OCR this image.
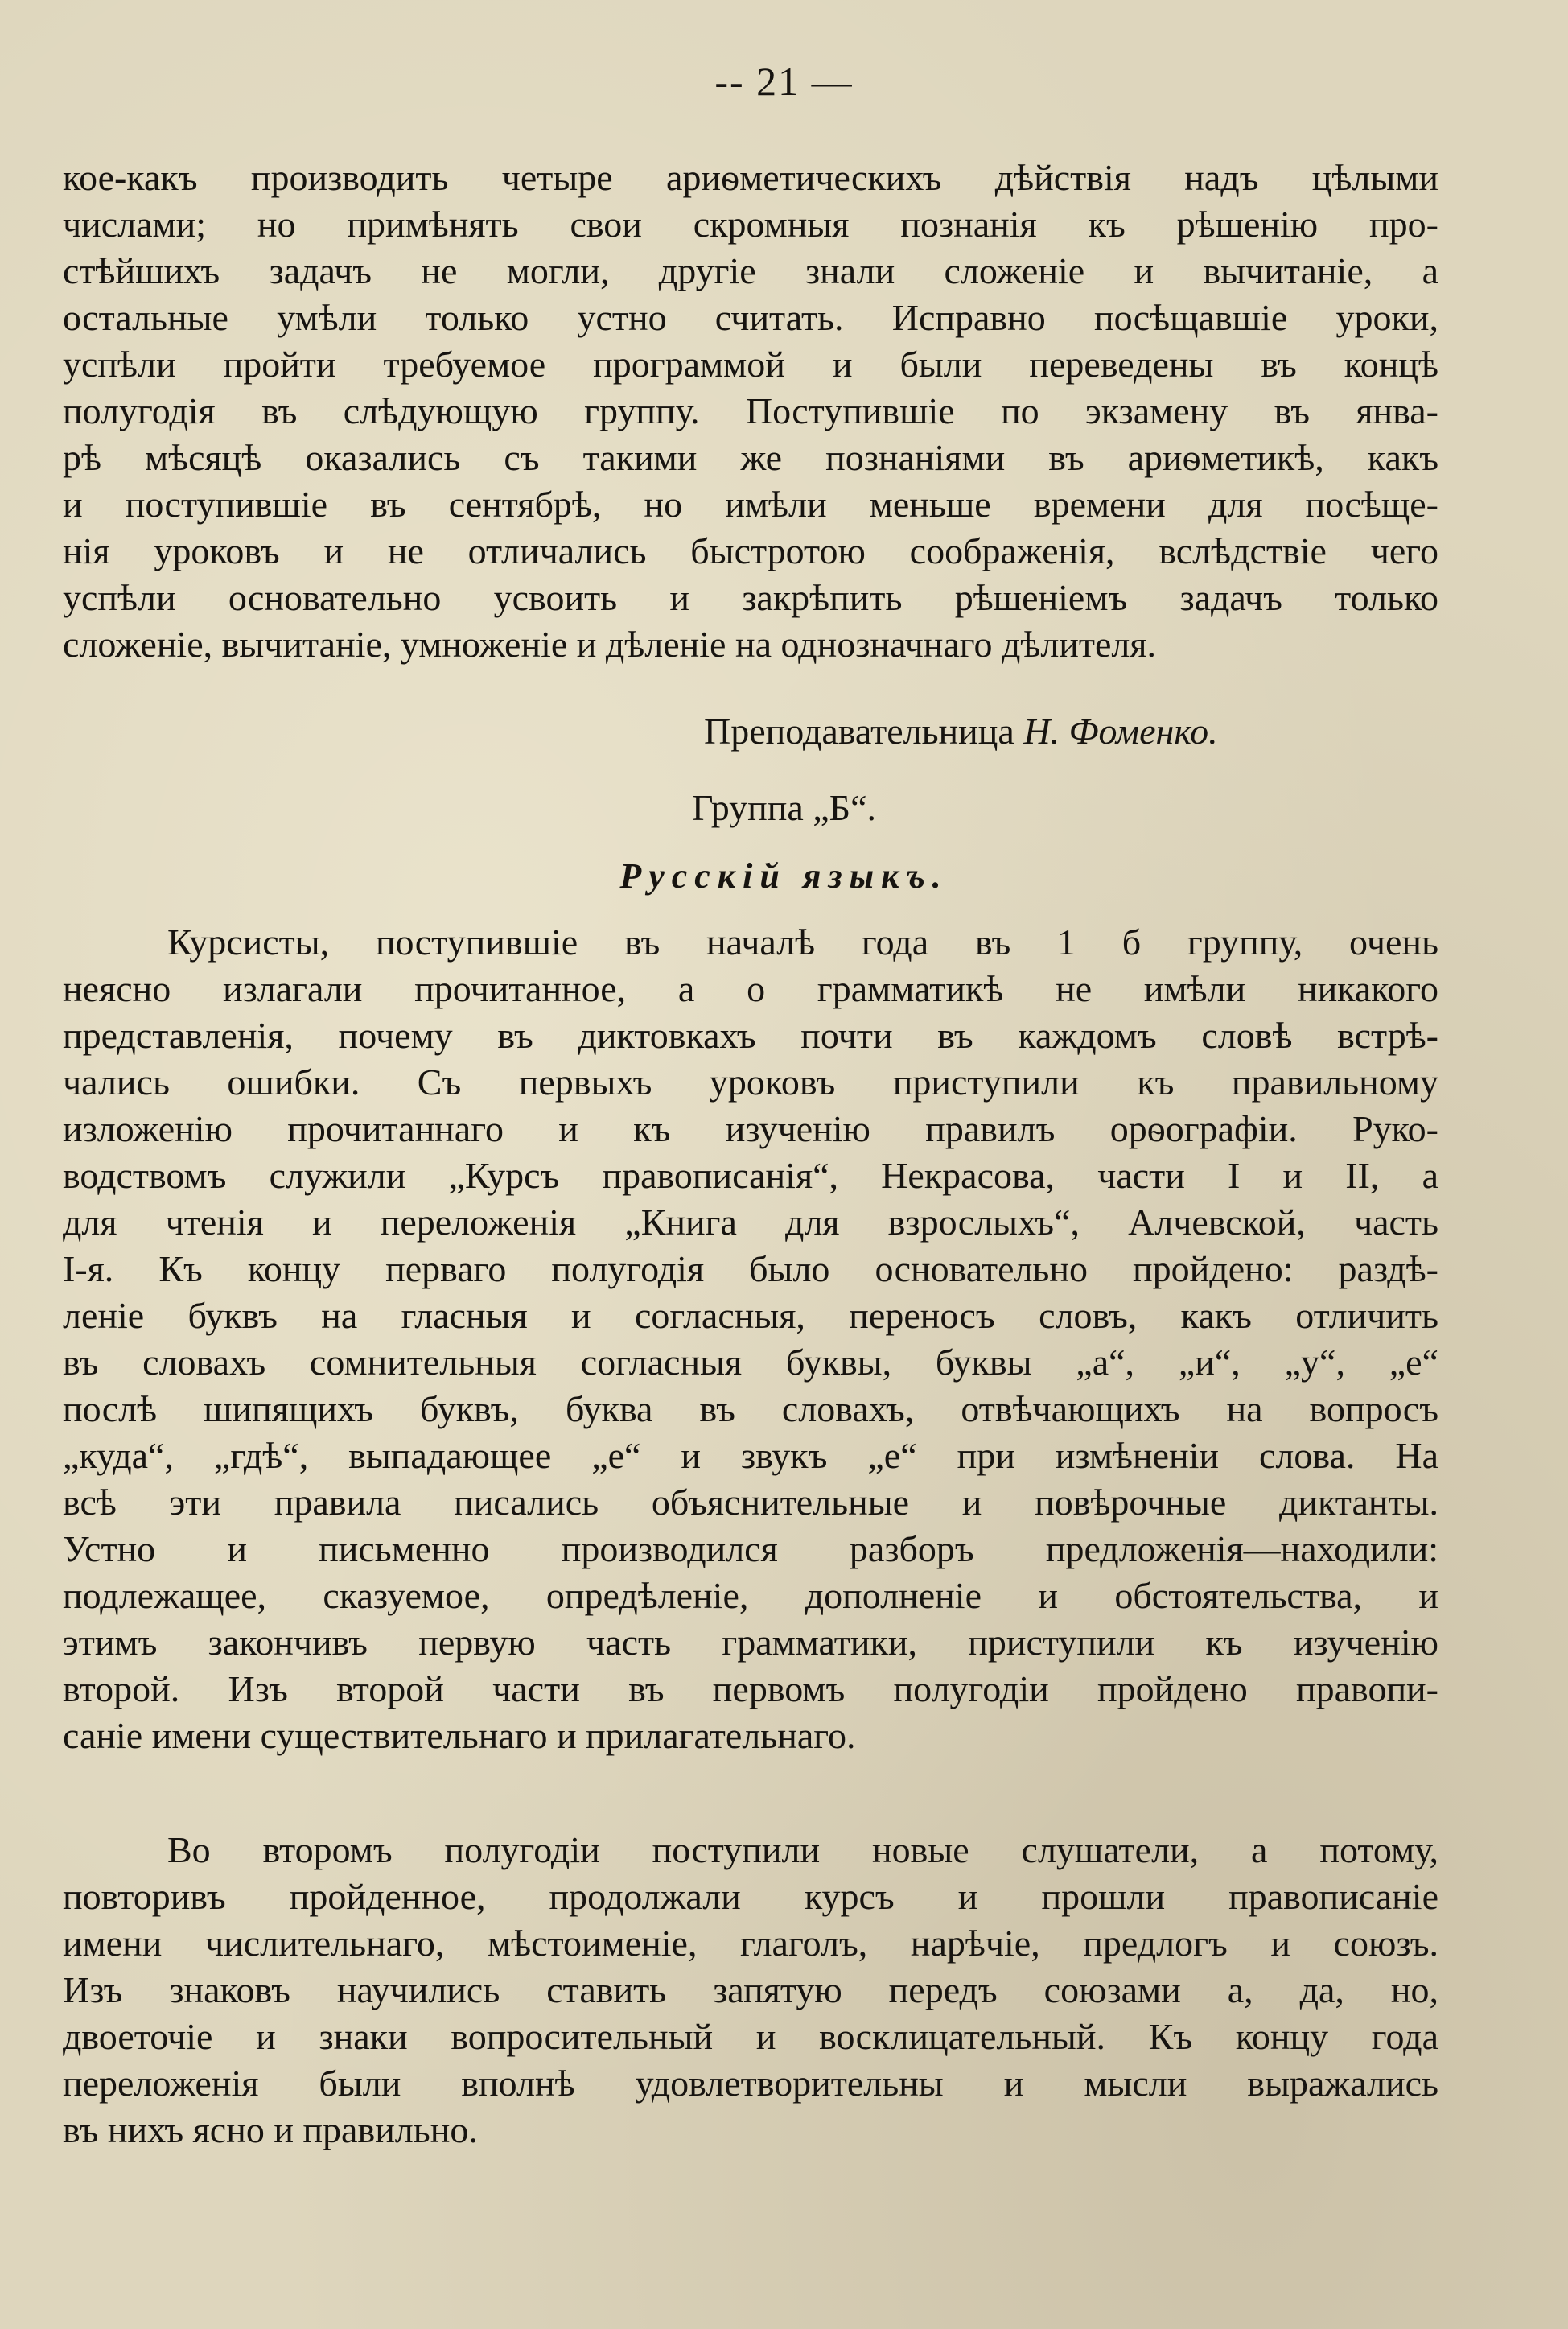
-- 21 —
кое-какъ производить четыре ариѳметическихъ дѣйствія надъ цѣлыми
числами; но примѣнять свои скромныя познанія къ рѣшенію про-
стѣйшихъ задачъ не могли, другіе знали сложеніе и вычитаніе, а
остальные умѣли только устно считать. Исправно посѣщавшіе уроки,
успѣли пройти требуемое программой и были переведены въ концѣ
полугодія въ слѣдующую группу. Поступившіе по экзамену въ янва-
рѣ мѣсяцѣ оказались съ такими же познаніями въ ариѳметикѣ, какъ
и поступившіе въ сентябрѣ, но имѣли меньше времени для посѣще-
нія уроковъ и не отличались быстротою соображенія, вслѣдствіе чего
успѣли основательно усвоить и закрѣпить рѣшеніемъ задачъ только
сложеніе, вычитаніе, умноженіе и дѣленіе на однозначнаго дѣлителя.
Преподавательница Н. Фоменко.
Группа „Б“.
Русскій языкъ.
Курсисты, поступившіе въ началѣ года въ 1 б группу, очень
неясно излагали прочитанное, а о грамматикѣ не имѣли никакого
представленія, почему въ диктовкахъ почти въ каждомъ словѣ встрѣ-
чались ошибки. Съ первыхъ уроковъ приступили къ правильному
изложенію прочитаннаго и къ изученію правилъ орѳографіи. Руко-
водствомъ служили „Курсъ правописанія“, Некрасова, части I и II, а
для чтенія и переложенія „Книга для взрослыхъ“, Алчевской, часть
I-я. Къ концу перваго полугодія было основательно пройдено: раздѣ-
леніе буквъ на гласныя и согласныя, переносъ словъ, какъ отличить
въ словахъ сомнительныя согласныя буквы, буквы „а“, „и“, „у“, „е“
послѣ шипящихъ буквъ, буква въ словахъ, отвѣчающихъ на вопросъ
„куда“, „гдѣ“, выпадающее „е“ и звукъ „е“ при измѣненіи слова. На
всѣ эти правила писались объяснительные и повѣрочные диктанты.
Устно и письменно производился разборъ предложенія—находили:
подлежащее, сказуемое, опредѣленіе, дополненіе и обстоятельства, и
этимъ закончивъ первую часть грамматики, приступили къ изученію
второй. Изъ второй части въ первомъ полугодіи пройдено правопи-
саніе имени существительнаго и прилагательнаго.
Во второмъ полугодіи поступили новые слушатели, а потому,
повторивъ пройденное, продолжали курсъ и прошли правописаніе
имени числительнаго, мѣстоименіе, глаголъ, нарѣчіе, предлогъ и союзъ.
Изъ знаковъ научились ставить запятую передъ союзами а, да, но,
двоеточіе и знаки вопросительный и восклицательный. Къ концу года
переложенія были вполнѣ удовлетворительны и мысли выражались
въ нихъ ясно и правильно.
